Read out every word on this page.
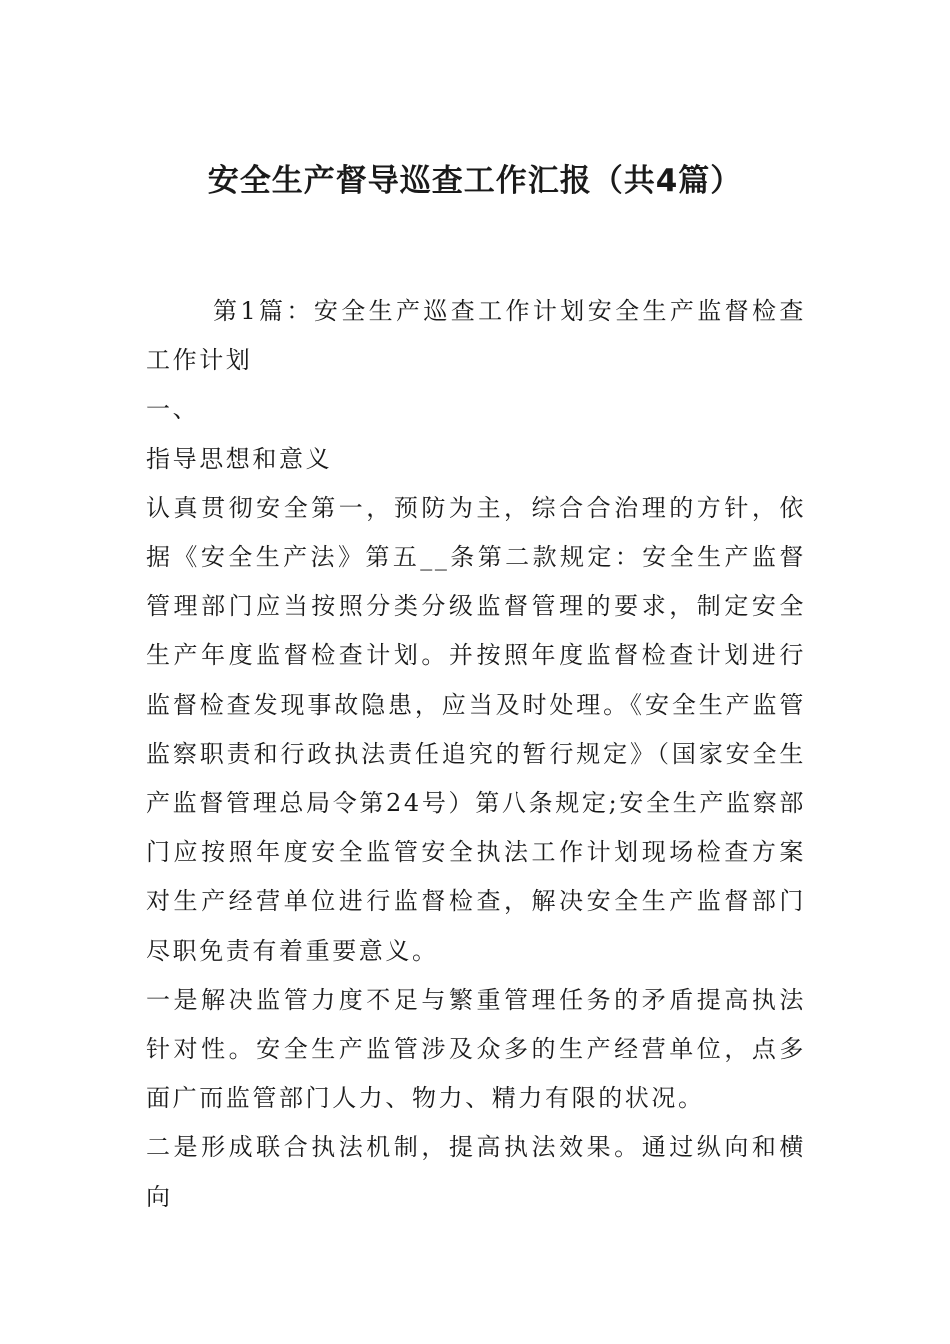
安全生产督导巡查工作汇报（共4篇）

第1篇：安全生产巡查工作计划安全生产监督检查工作计划

一、

指导思想和意义

认真贯彻安全第一，预防为主，综合合治理的方针，依据《安全生产法》第五__条第二款规定：安全生产监督管理部门应当按照分类分级监督管理的要求，制定安全生产年度监督检查计划。并按照年度监督检查计划进行监督检查发现事故隐患，应当及时处理。《安全生产监管监察职责和行政执法责任追究的暂行规定》（国家安全生产监督管理总局令第24号）第八条规定;安全生产监察部门应按照年度安全监管安全执法工作计划现场检查方案对生产经营单位进行监督检查，解决安全生产监督部门尽职免责有着重要意义。

一是解决监管力度不足与繁重管理任务的矛盾提高执法针对性。安全生产监管涉及众多的生产经营单位，点多面广而监管部门人力、物力、精力有限的状况。

二是形成联合执法机制，提高执法效果。通过纵向和横向
